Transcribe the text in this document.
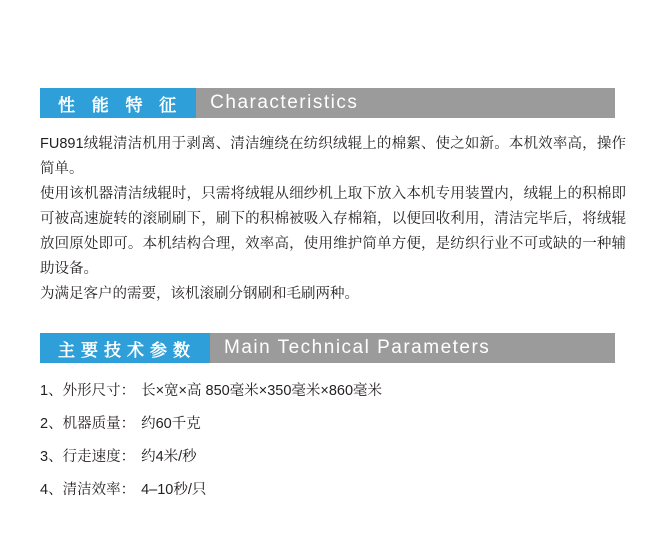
性 能 特 征	Characteristics

FU891绒辊清洁机用于剥离、清洁缠绕在纺织绒辊上的棉絮、使之如新。本机效率高，操作简单。

使用该机器清洁绒辊时，只需将绒辊从细纱机上取下放入本机专用装置内，绒辊上的积棉即可被高速旋转的滚刷刷下，刷下的积棉被吸入存棉箱，以便回收利用，清洁完毕后，将绒辊放回原处即可。本机结构合理，效率高，使用维护简单方便，是纺织行业不可或缺的一种辅助设备。

为满足客户的需要，该机滚刷分钢刷和毛刷两种。

主要技术参数	Main Technical Parameters
1、 外形尺寸： 长×宽×高 850毫米×350毫米×860毫米
2、 机器质量： 约60千克
3、 行走速度： 约4米/秒
4、 清洁效率： 4–10秒/只
